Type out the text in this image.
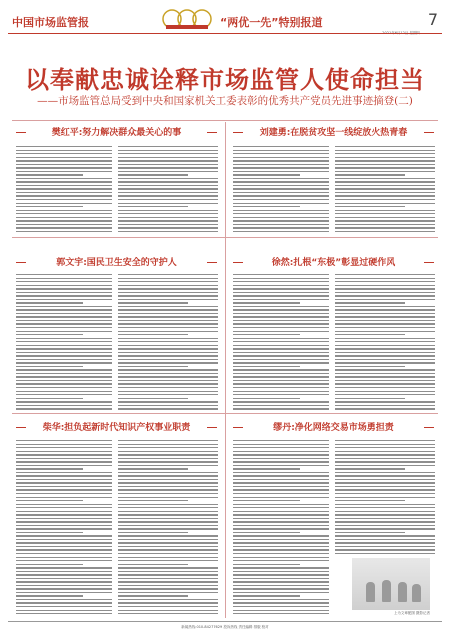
中国市场监管报	“两优一先”特别报道	7
以奉献忠诚诠释市场监管人使命担当
——市场监管总局受到中央和国家机关工委表彰的优秀共产党员先进事迹摘登(二)
樊红平:努力解决群众最关心的事	刘建勇:在脱贫攻坚一线绽放火热青春
郭文宇:国民卫生安全的守护人	徐然:扎根“东极”彰显过硬作风
柴华:担负起新时代知识产权事业职责	缪丹:净化网络交易市场勇担责
上为文章配图 摄影记者
新闻热线:010-84277629 投诉热线 责任编辑 排版 校对
